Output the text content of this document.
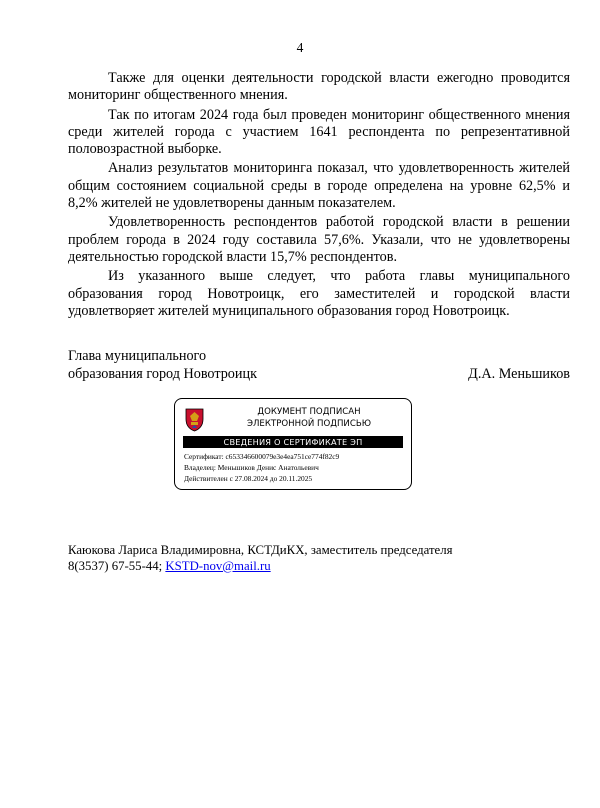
4

Также для оценки деятельности городской власти ежегодно проводится мониторинг общественного мнения.

Так по итогам 2024 года был проведен мониторинг общественного мнения среди жителей города с участием 1641 респондента по репрезентативной половозрастной выборке.

Анализ результатов мониторинга показал, что удовлетворенность жителей общим состоянием социальной среды в городе определена на уровне 62,5% и 8,2% жителей не удовлетворены данным показателем.

Удовлетворенность респондентов работой городской власти в решении проблем города в 2024 году составила 57,6%. Указали, что не удовлетворены деятельностью городской власти 15,7% респондентов.

Из указанного выше следует, что работа главы муниципального образования город Новотроицк, его заместителей и городской власти удовлетворяет жителей муниципального образования город Новотроицк.

Глава муниципального
образования город Новотроицк	Д.А. Меньшиков
ДОКУМЕНТ ПОДПИСАН
ЭЛЕКТРОННОЙ ПОДПИСЬЮ
СВЕДЕНИЯ О СЕРТИФИКАТЕ ЭП
Сертификат: c653346600079e3e4ea751ce774f82c9
Владелец: Меньшиков Денис Анатольевич
Действителен с 27.08.2024 до 20.11.2025
Каюкова Лариса Владимировна, КСТДиКХ, заместитель председателя
8(3537) 67-55-44; KSTD-nov@mail.ru
